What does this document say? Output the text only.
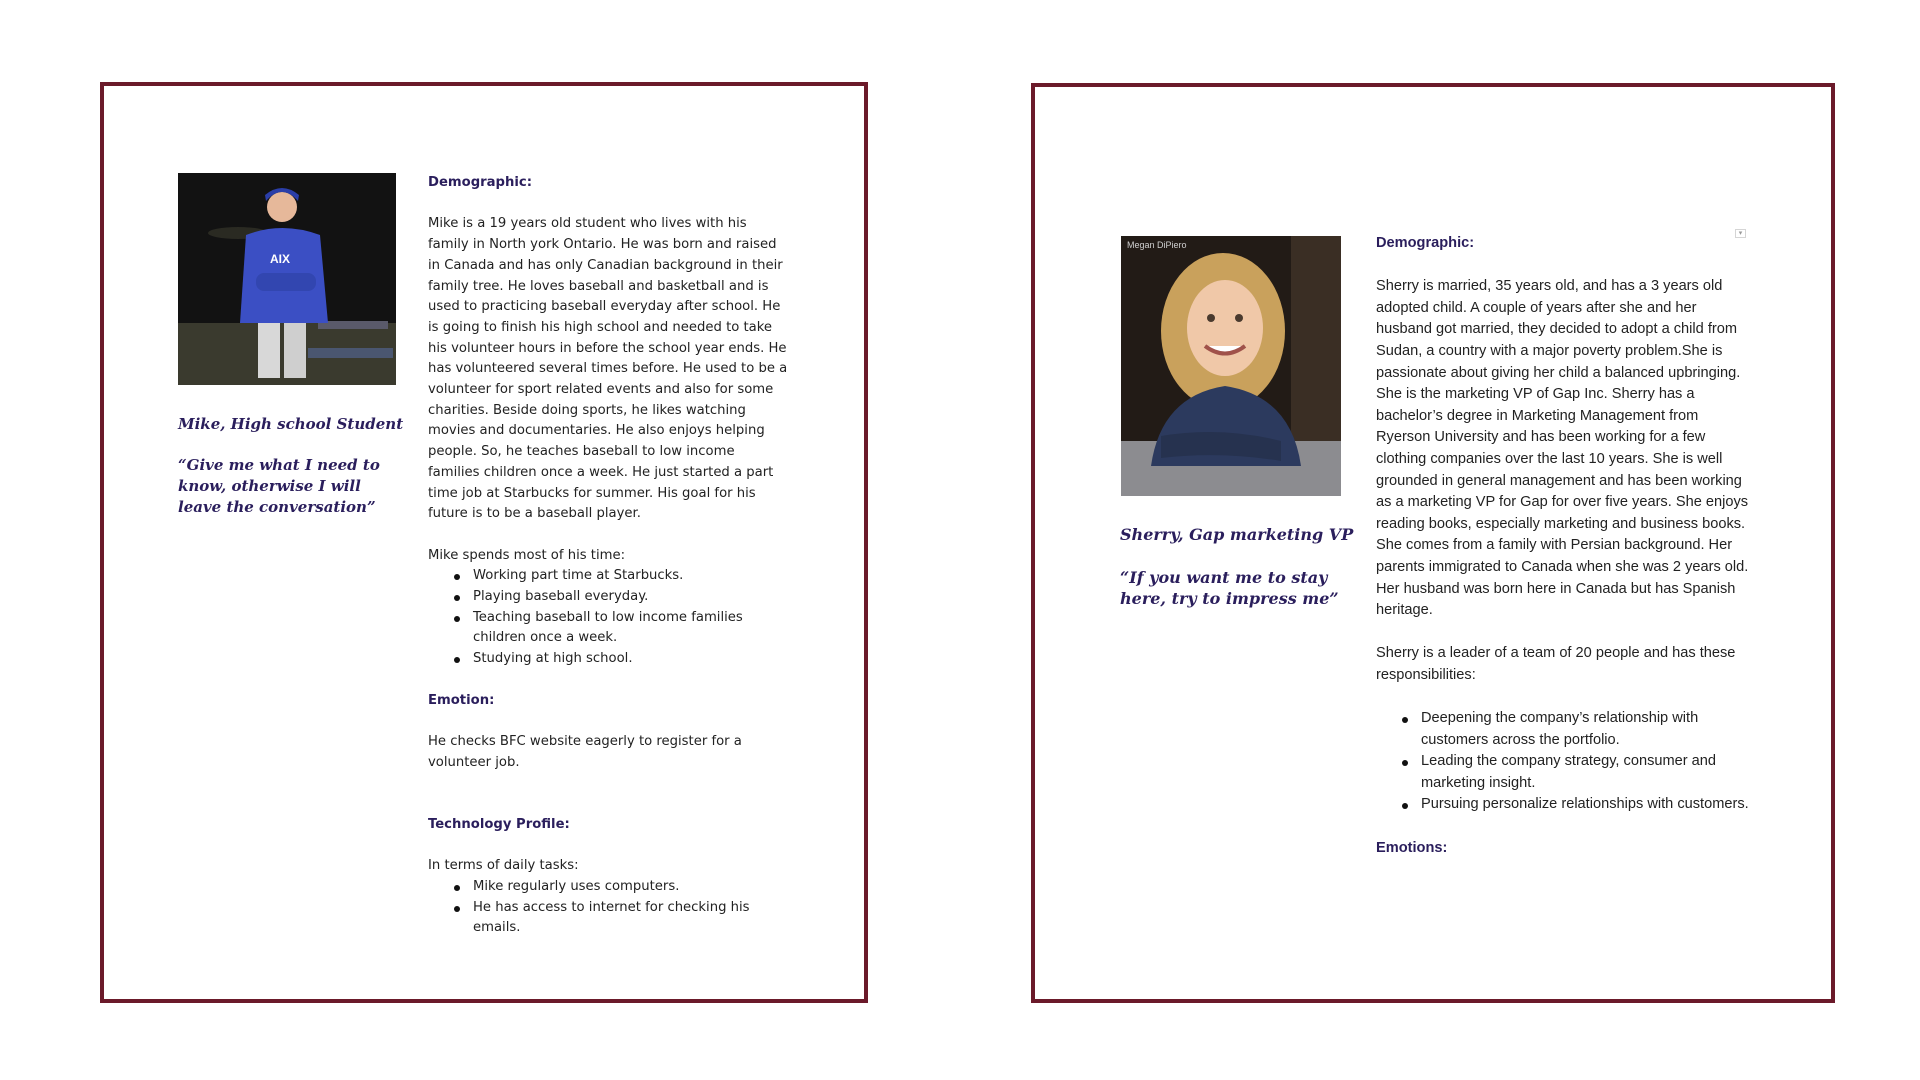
AIX
Mike, High school Student
“Give me what I need to know, otherwise I will leave the conversation”
Demographic:

Mike is a 19 years old student who lives with his family in North york Ontario. He was born and raised in Canada and has only Canadian background in their family tree. He loves baseball and basketball and is used to practicing baseball everyday after school. He is going to finish his high school and needed to take his volunteer hours in before the school year ends. He has volunteered several times before. He used to be a volunteer for sport related events and also for some charities. Beside doing sports, he likes watching movies and documentaries. He also enjoys helping people. So, he teaches baseball to low income families children once a week. He just started a part time job at Starbucks for summer. His goal for his future is to be a baseball player.

Mike spends most of his time:

Working part time at Starbucks.
Playing baseball everyday.
Teaching baseball to low income families children once a week.
Studying at high school.
Emotion:

He checks BFC website eagerly to register for a volunteer job.

Technology Profile:

In terms of daily tasks:

Mike regularly uses computers.
He has access to internet for checking his emails.
Megan DiPiero
Sherry, Gap marketing VP
“If you want me to stay here, try to impress me”
Demographic:

Sherry is married, 35 years old, and has a 3 years old adopted child. A couple of years after she and her husband got married, they decided to adopt a child from Sudan, a country with a major poverty problem.She is passionate about giving her child a balanced upbringing. She is the marketing VP of Gap Inc. Sherry has a bachelor’s degree in Marketing Management from Ryerson University and has been working for a few clothing companies over the last 10 years. She is well grounded in general management and has been working as a marketing VP for Gap for over five years. She enjoys reading books, especially marketing and business books.

She comes from a family with Persian background. Her parents immigrated to Canada when she was 2 years old. Her husband was born here in Canada but has Spanish heritage.

Sherry is a leader of a team of 20 people and has these responsibilities:

Deepening the company’s relationship with customers across the portfolio.
Leading the company strategy, consumer and marketing insight.
Pursuing personalize relationships with customers.
Emotions:
▾
